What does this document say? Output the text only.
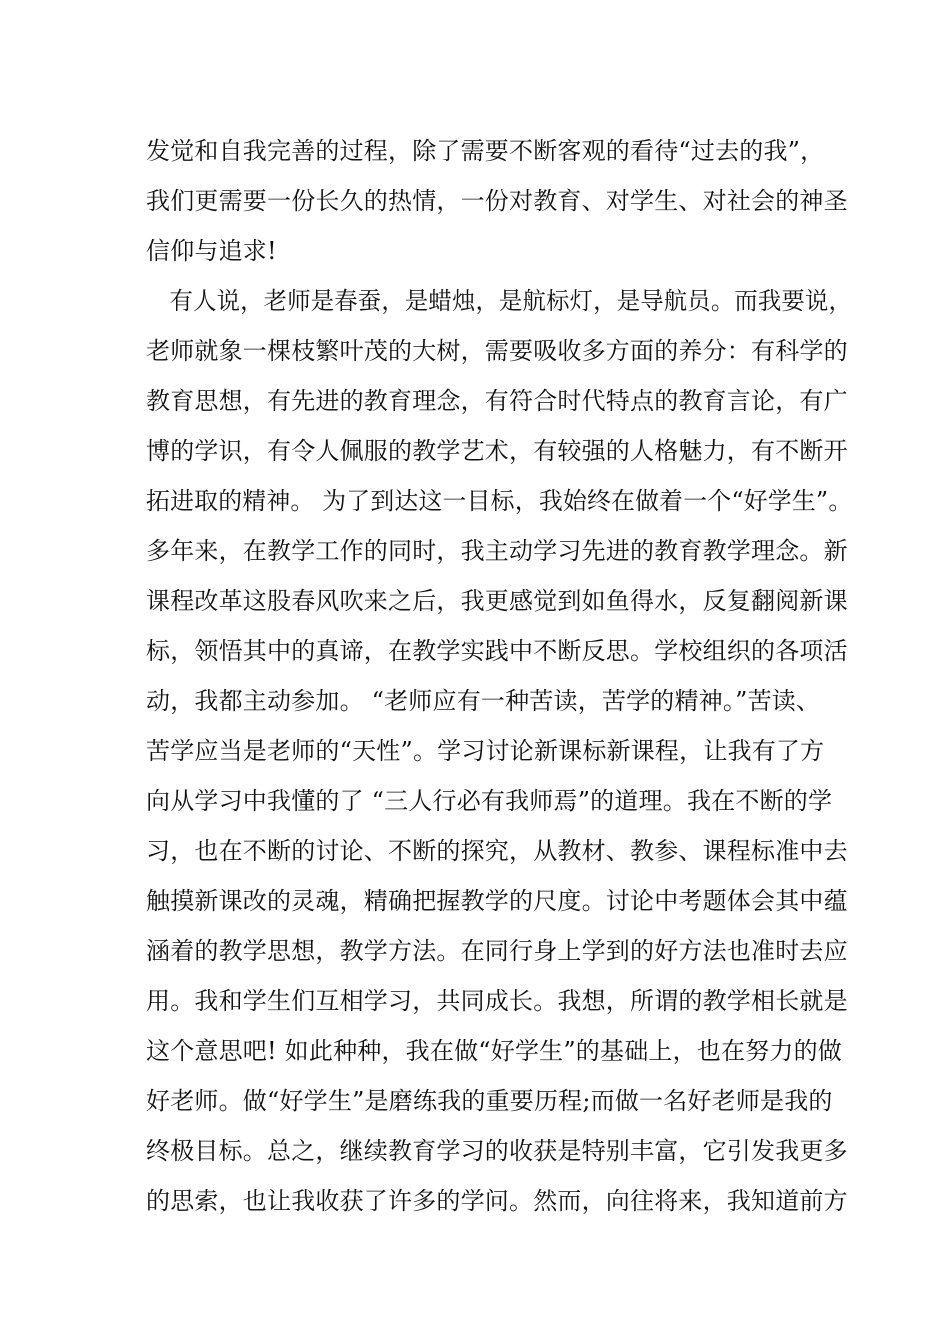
发觉和自我完善的过程，除了需要不断客观的看待“过去的我”，
我们更需要一份长久的热情，一份对教育、对学生、对社会的神圣
信仰与追求!
　有人说，老师是春蚕，是蜡烛，是航标灯，是导航员。而我要说，
老师就象一棵枝繁叶茂的大树，需要吸收多方面的养分：有科学的
教育思想，有先进的教育理念，有符合时代特点的教育言论，有广
博的学识，有令人佩服的教学艺术，有较强的人格魅力，有不断开
拓进取的精神。 为了到达这一目标，我始终在做着一个“好学生”。
多年来，在教学工作的同时，我主动学习先进的教育教学理念。新
课程改革这股春风吹来之后，我更感觉到如鱼得水，反复翻阅新课
标，领悟其中的真谛，在教学实践中不断反思。学校组织的各项活
动，我都主动参加。 “老师应有一种苦读，苦学的精神。”苦读、
苦学应当是老师的“天性”。学习讨论新课标新课程，让我有了方
向从学习中我懂的了 “三人行必有我师焉”的道理。我在不断的学
习，也在不断的讨论、不断的探究，从教材、教参、课程标准中去
触摸新课改的灵魂，精确把握教学的尺度。讨论中考题体会其中蕴
涵着的教学思想，教学方法。在同行身上学到的好方法也准时去应
用。我和学生们互相学习，共同成长。我想，所谓的教学相长就是
这个意思吧! 如此种种，我在做“好学生”的基础上，也在努力的做
好老师。做“好学生”是磨练我的重要历程;而做一名好老师是我的
终极目标。总之，继续教育学习的收获是特别丰富，它引发我更多
的思索，也让我收获了许多的学问。然而，向往将来，我知道前方
